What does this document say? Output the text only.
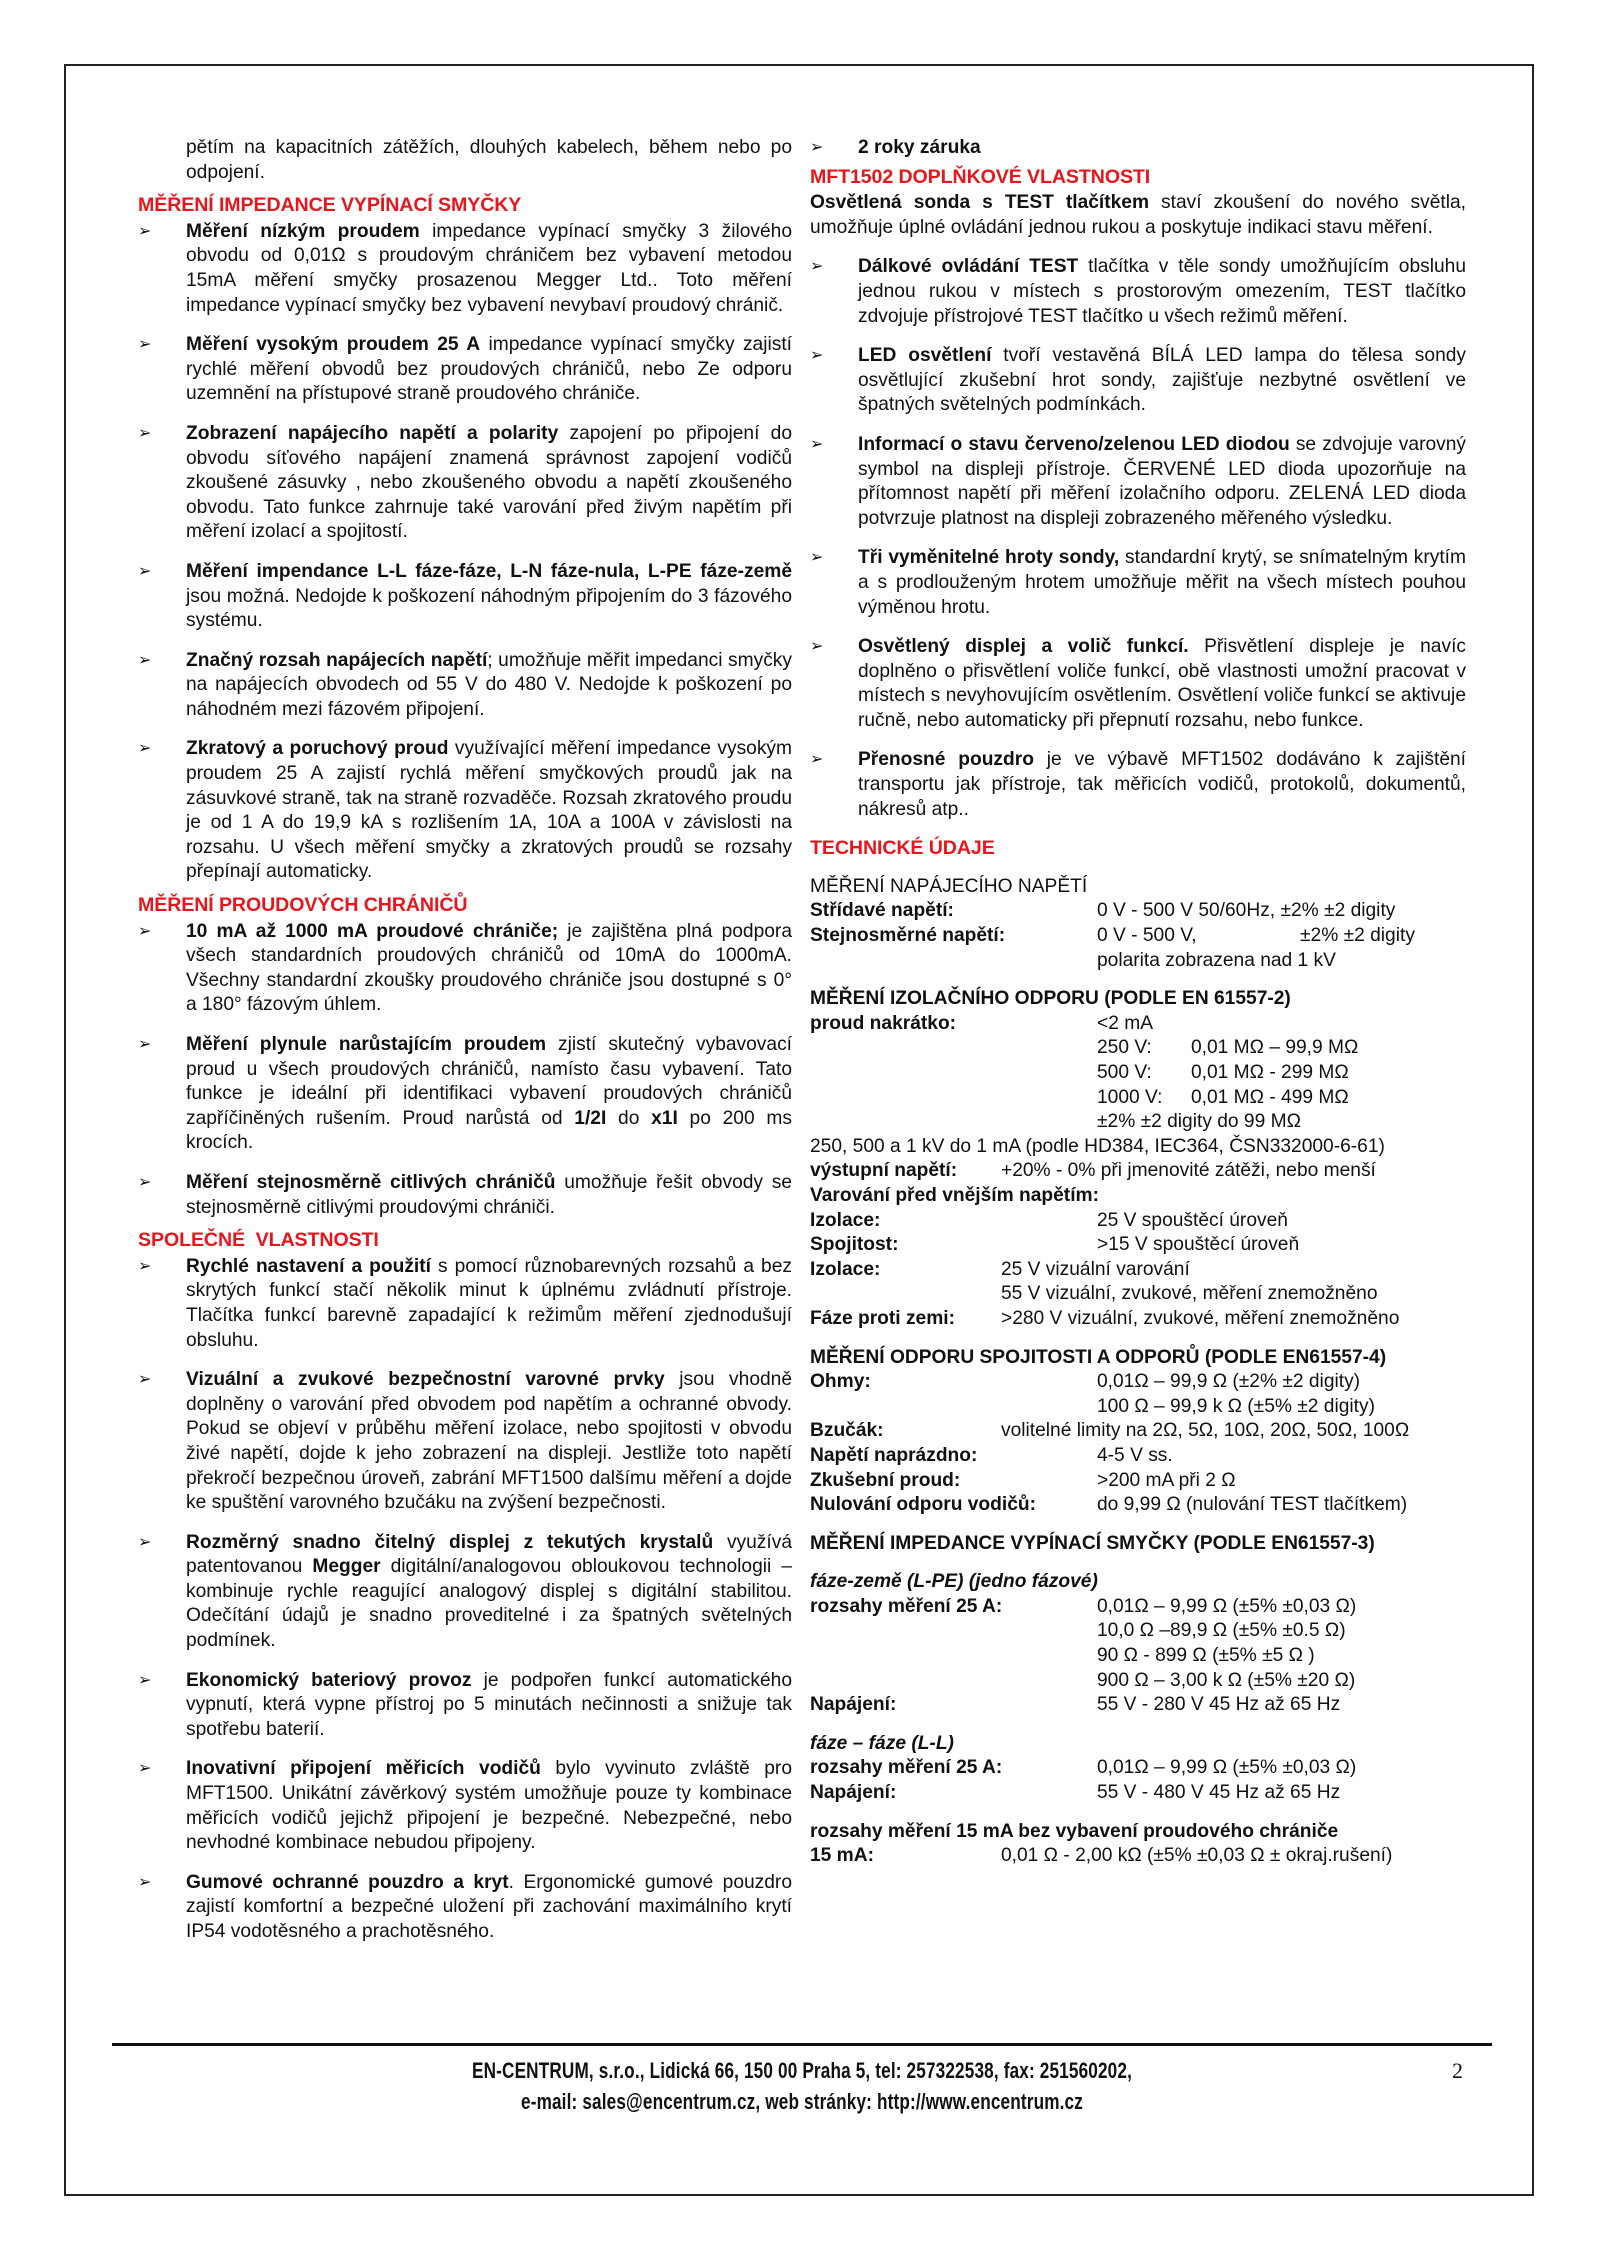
pětím na kapacitních zátěžích, dlouhých kabelech, během nebo po odpojení.

MĚŘENÍ IMPEDANCE VYPÍNACÍ SMYČKY
➢	Měření nízkým proudem impedance vypínací smyčky 3 žilového obvodu od 0,01Ω s proudovým chráničem bez vybavení metodou 15mA měření smyčky prosazenou Megger Ltd.. Toto měření impedance vypínací smyčky bez vybavení nevybaví proudový chránič.
➢	Měření vysokým proudem 25 A impedance vypínací smyčky zajistí rychlé měření obvodů bez proudových chráničů, nebo Ze odporu uzemnění na přístupové straně proudového chrániče.
➢	Zobrazení napájecího napětí a polarity zapojení po připojení do obvodu síťového napájení znamená správnost zapojení vodičů zkoušené zásuvky , nebo zkoušeného obvodu a napětí zkoušeného obvodu. Tato funkce zahrnuje také varování před živým napětím při měření izolací a spojitostí.
➢	Měření impendance L-L fáze-fáze, L-N fáze-nula, L-PE fáze-země jsou možná. Nedojde k poškození náhodným připojením do 3 fázového systému.
➢	Značný rozsah napájecích napětí; umožňuje měřit impedanci smyčky na napájecích obvodech od 55 V do 480 V. Nedojde k poškození po náhodném mezi fázovém připojení.
➢	Zkratový a poruchový proud využívající měření impedance vysokým proudem 25 A zajistí rychlá měření smyčkových proudů jak na zásuvkové straně, tak na straně rozvaděče. Rozsah zkratového proudu je od 1 A do 19,9 kA s rozlišením 1A, 10A a 100A v závislosti na rozsahu. U všech měření smyčky a zkratových proudů se rozsahy přepínají automaticky.
MĚŘENÍ PROUDOVÝCH CHRÁNIČŮ
➢	10 mA až 1000 mA proudové chrániče; je zajištěna plná podpora všech standardních proudových chráničů od 10mA do 1000mA. Všechny standardní zkoušky proudového chrániče jsou dostupné s 0° a 180° fázovým úhlem.
➢	Měření plynule narůstajícím proudem zjistí skutečný vybavovací proud u všech proudových chráničů, namísto času vybavení. Tato funkce je ideální při identifikaci vybavení proudových chráničů zapříčiněných rušením. Proud narůstá od 1/2I do x1I po 200 ms krocích.
➢	Měření stejnosměrně citlivých chráničů umožňuje řešit obvody se stejnosměrně citlivými proudovými chrániči.
SPOLEČNÉ  VLASTNOSTI
➢	Rychlé nastavení a použití s pomocí různobarevných rozsahů a bez skrytých funkcí stačí několik minut k úplnému zvládnutí přístroje. Tlačítka funkcí barevně zapadající k režimům měření zjednodušují obsluhu.
➢	Vizuální a zvukové bezpečnostní varovné prvky jsou vhodně doplněny o varování před obvodem pod napětím a ochranné obvody. Pokud se objeví v průběhu měření izolace, nebo spojitosti v obvodu živé napětí, dojde k jeho zobrazení na displeji. Jestliže toto napětí překročí bezpečnou úroveň, zabrání MFT1500 dalšímu měření a dojde ke spuštění varovného bzučáku na zvýšení bezpečnosti.
➢	Rozměrný snadno čitelný displej z tekutých krystalů využívá patentovanou Megger digitální/analogovou obloukovou technologii – kombinuje rychle reagující analogový displej s digitální stabilitou. Odečítání údajů je snadno proveditelné i za špatných světelných podmínek.
➢	Ekonomický bateriový provoz je podpořen funkcí automatického vypnutí, která vypne přístroj po 5 minutách nečinnosti a snižuje tak spotřebu baterií.
➢	Inovativní připojení měřicích vodičů bylo vyvinuto zvláště pro MFT1500. Unikátní závěrkový systém umožňuje pouze ty kombinace měřicích vodičů jejichž připojení je bezpečné. Nebezpečné, nebo nevhodné kombinace nebudou připojeny.
➢	Gumové ochranné pouzdro a kryt. Ergonomické gumové pouzdro zajistí komfortní a bezpečné uložení při zachování maximálního krytí IP54 vodotěsného a prachotěsného.
➢	2 roky záruka
MFT1502 DOPLŇKOVÉ VLASTNOSTI

Osvětlená sonda s TEST tlačítkem staví zkoušení do nového světla, umožňuje úplné ovládání jednou rukou a poskytuje indikaci stavu měření.

➢	Dálkové ovládání TEST tlačítka v těle sondy umožňujícím obsluhu jednou rukou v místech s prostorovým omezením, TEST tlačítko zdvojuje přístrojové TEST tlačítko u všech režimů měření.
➢	LED osvětlení tvoří vestavěná BÍLÁ LED lampa do tělesa sondy osvětlující zkušební hrot sondy, zajišťuje nezbytné osvětlení ve špatných světelných podmínkách.
➢	Informací o stavu červeno/zelenou LED diodou se zdvojuje varovný symbol na displeji přístroje. ČERVENÉ LED dioda upozorňuje na přítomnost napětí při měření izolačního odporu. ZELENÁ LED dioda potvrzuje platnost na displeji zobrazeného měřeného výsledku.
➢	Tři vyměnitelné hroty sondy, standardní krytý, se snímatelným krytím a s prodlouženým hrotem umožňuje měřit na všech místech pouhou výměnou hrotu.
➢	Osvětlený displej a volič funkcí. Přisvětlení displeje je navíc doplněno o přisvětlení voliče funkcí, obě vlastnosti umožní pracovat v místech s nevyhovujícím osvětlením. Osvětlení voliče funkcí se aktivuje ručně, nebo automaticky při přepnutí rozsahu, nebo funkce.
➢	Přenosné pouzdro je ve výbavě MFT1502 dodáváno k zajištění transportu jak přístroje, tak měřicích vodičů, protokolů, dokumentů, nákresů atp..
TECHNICKÉ ÚDAJE
MĚŘENÍ NAPÁJECÍHO NAPĚTÍ
Střídavé napětí:	0 V - 500 V 50/60Hz, ±2% ±2 digity
Stejnosměrné napětí:	0 V - 500 V,	±2% ±2 digity
polarita zobrazena nad 1 kV
MĚŘENÍ IZOLAČNÍHO ODPORU (PODLE EN 61557-2)
proud nakrátko:	<2 mA
250 V: 0,01 MΩ – 99,9 MΩ
500 V: 0,01 MΩ - 299 MΩ
1000 V: 0,01 MΩ - 499 MΩ
±2% ±2 digity do 99 MΩ
250, 500 a 1 kV do 1 mA (podle HD384, IEC364, ČSN332000-6-61)
výstupní napětí: +20% - 0% při jmenovité zátěži, nebo menší
Varování před vnějším napětím:
Izolace:	25 V spouštěcí úroveň
Spojitost:	>15 V spouštěcí úroveň
Izolace:	25 V vizuální varování
55 V vizuální, zvukové, měření znemožněno
Fáze proti zemi: >280 V vizuální, zvukové, měření znemožněno
MĚŘENÍ ODPORU SPOJITOSTI A ODPORŮ (PODLE EN61557-4)
Ohmy:	0,01Ω – 99,9 Ω (±2% ±2 digity)
100 Ω – 99,9 k Ω (±5% ±2 digity)
Bzučák:	volitelné limity na 2Ω, 5Ω, 10Ω, 20Ω, 50Ω, 100Ω
Napětí naprázdno:	4-5 V ss.
Zkušební proud:	>200 mA při 2 Ω
Nulování odporu vodičů:	do 9,99 Ω (nulování TEST tlačítkem)
MĚŘENÍ IMPEDANCE VYPÍNACÍ SMYČKY (PODLE EN61557-3)
fáze-země (L-PE) (jedno fázové)
rozsahy měření 25 A:	0,01Ω – 9,99 Ω (±5% ±0,03 Ω)
10,0 Ω –89,9 Ω (±5% ±0.5 Ω)
90 Ω - 899 Ω (±5% ±5 Ω )
900 Ω – 3,00 k Ω (±5% ±20 Ω)
Napájení:	55 V - 280 V 45 Hz až 65 Hz
fáze – fáze (L-L)
rozsahy měření 25 A:	0,01Ω – 9,99 Ω (±5% ±0,03 Ω)
Napájení:	55 V - 480 V 45 Hz až 65 Hz
rozsahy měření 15 mA bez vybavení proudového chrániče
15 mA:	0,01 Ω - 2,00 kΩ (±5% ±0,03 Ω ± okraj.rušení)
EN-CENTRUM, s.r.o., Lidická 66, 150 00 Praha 5, tel: 257322538, fax: 251560202,
e-mail: sales@encentrum.cz, web stránky: http://www.encentrum.cz
2
